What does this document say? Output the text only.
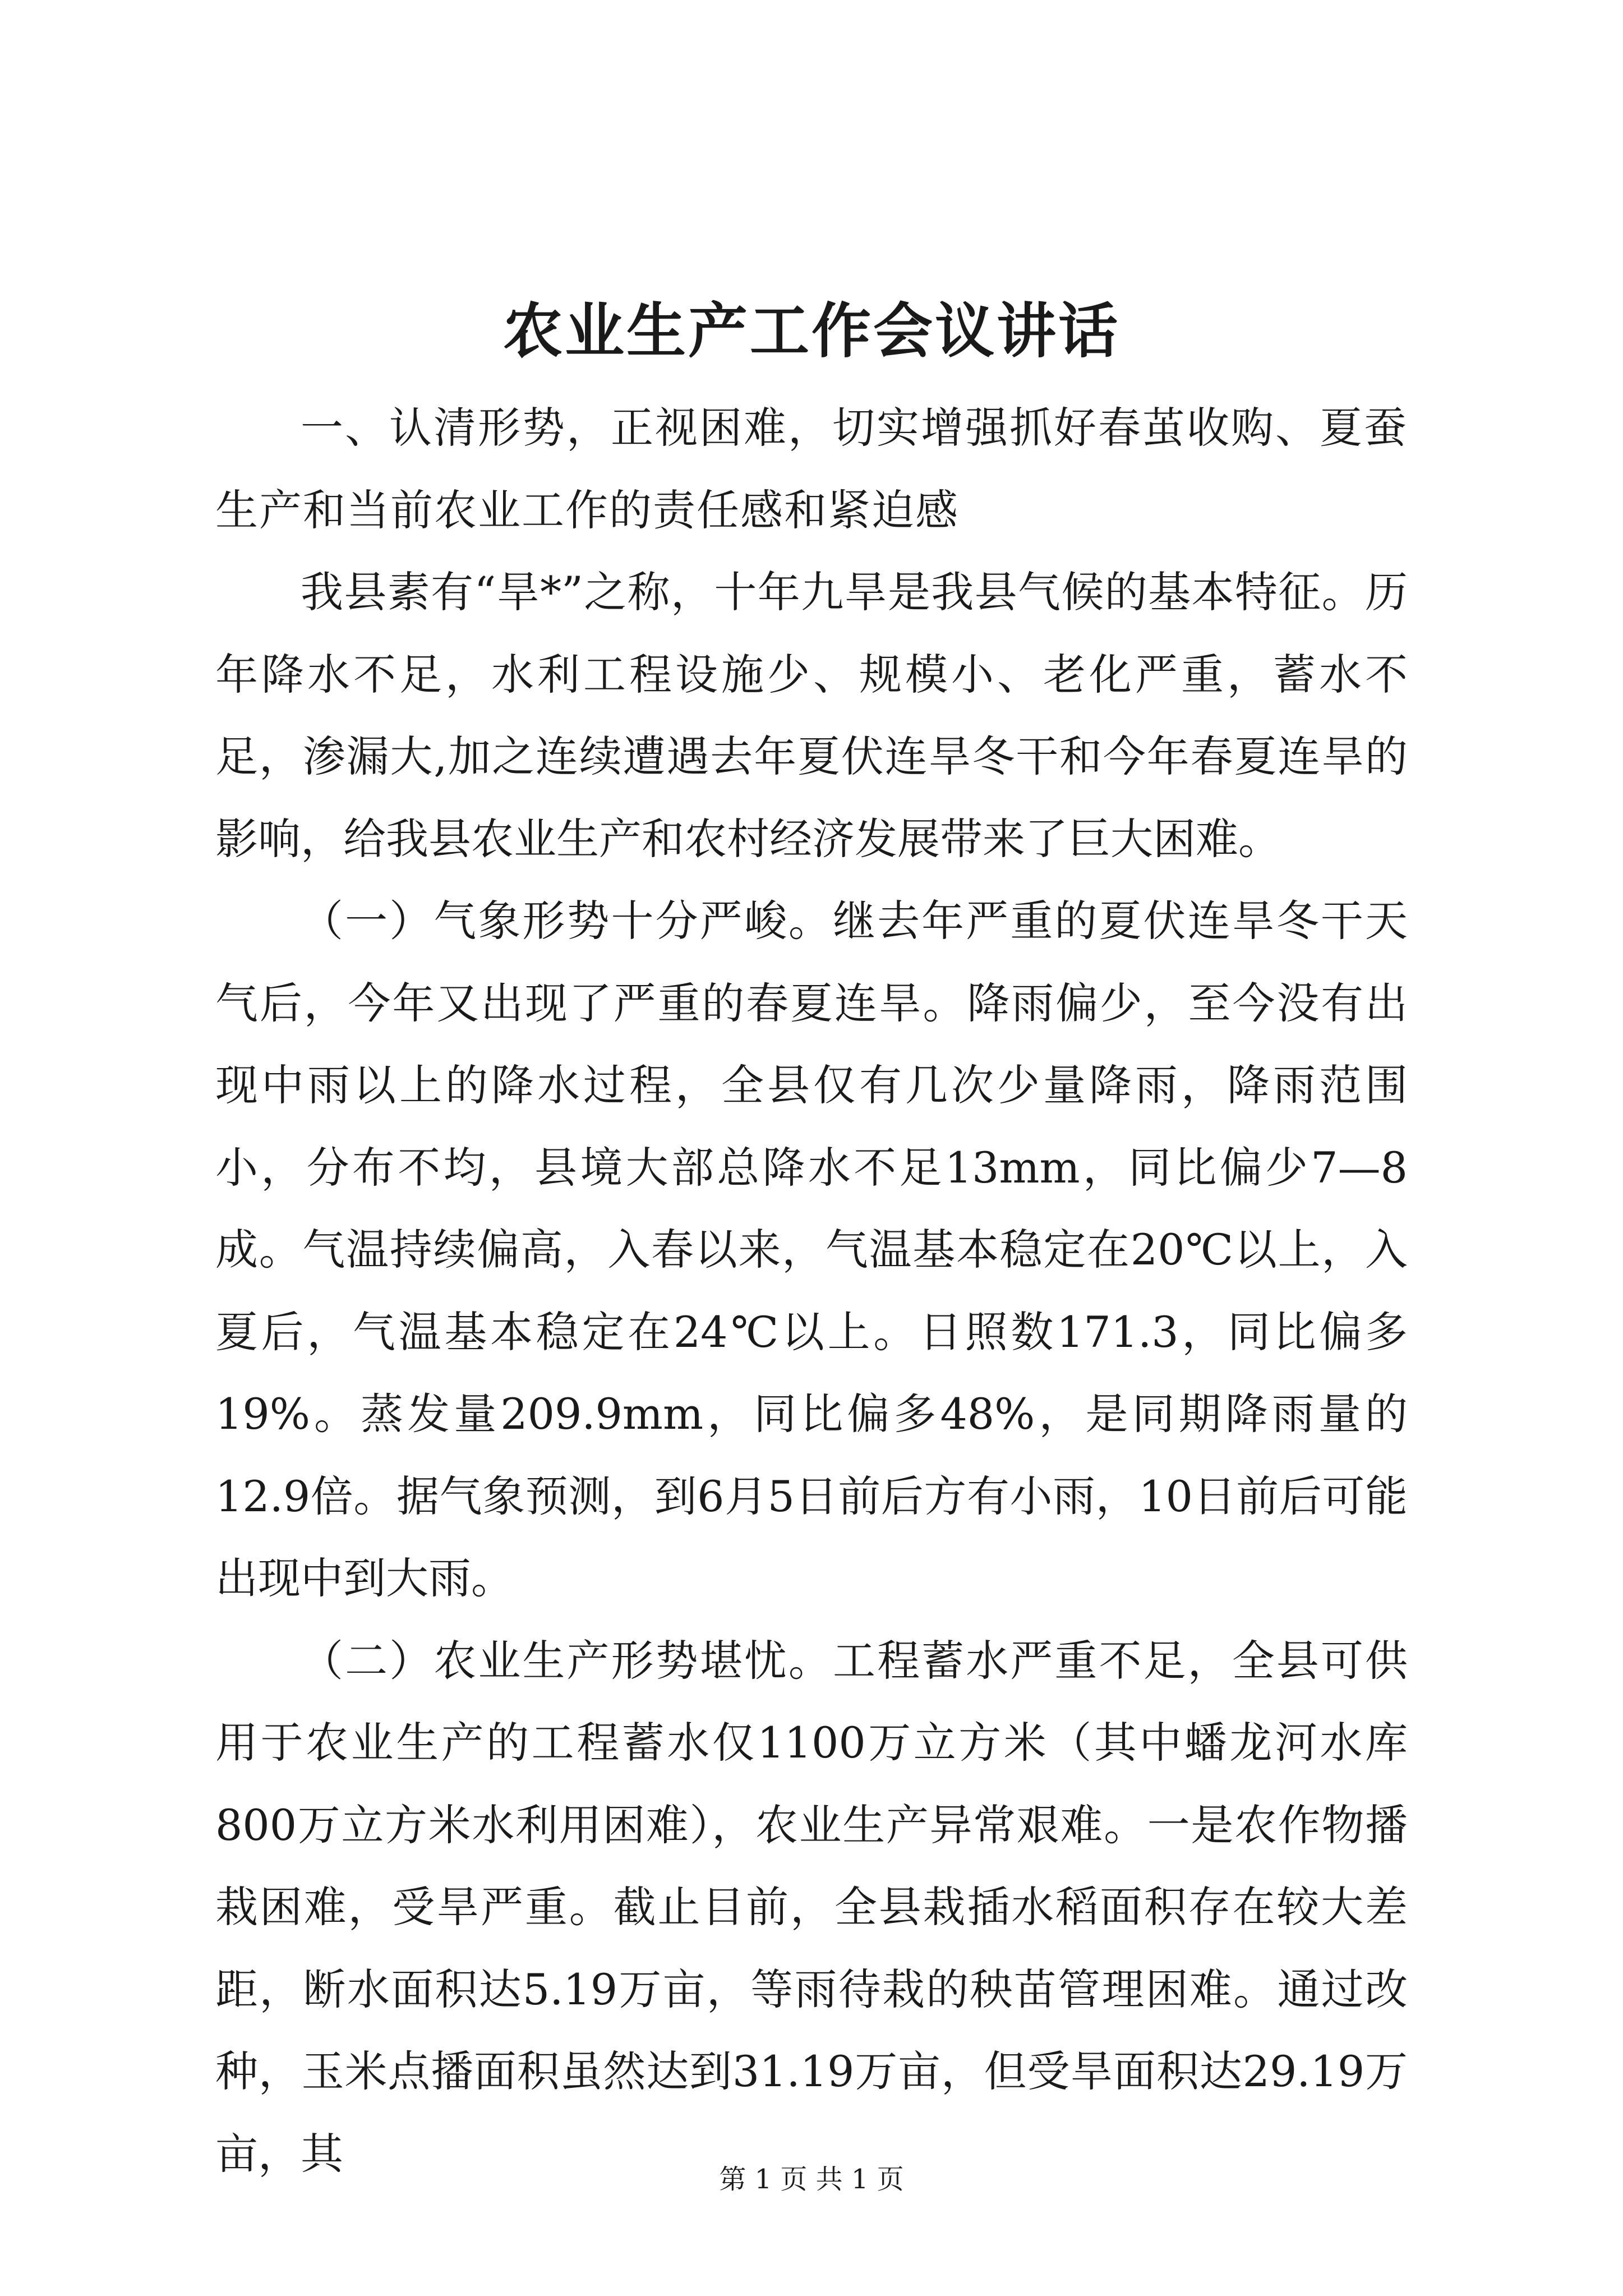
农业生产工作会议讲话

一、认清形势，正视困难，切实增强抓好春茧收购、夏蚕生产和当前农业工作的责任感和紧迫感

我县素有“旱*”之称，十年九旱是我县气候的基本特征。历年降水不足，水利工程设施少、规模小、老化严重，蓄水不足，渗漏大,加之连续遭遇去年夏伏连旱冬干和今年春夏连旱的影响，给我县农业生产和农村经济发展带来了巨大困难。

（一）气象形势十分严峻。继去年严重的夏伏连旱冬干天气后，今年又出现了严重的春夏连旱。降雨偏少，至今没有出现中雨以上的降水过程，全县仅有几次少量降雨，降雨范围小，分布不均，县境大部总降水不足13mm，同比偏少7—8成。气温持续偏高，入春以来，气温基本稳定在20℃以上，入夏后，气温基本稳定在24℃以上。日照数171.3，同比偏多19%。蒸发量209.9mm，同比偏多48%，是同期降雨量的12.9倍。据气象预测，到6月5日前后方有小雨，10日前后可能出现中到大雨。

（二）农业生产形势堪忧。工程蓄水严重不足，全县可供用于农业生产的工程蓄水仅1100万立方米（其中蟠龙河水库800万立方米水利用困难），农业生产异常艰难。一是农作物播栽困难，受旱严重。截止目前，全县栽插水稻面积存在较大差距，断水面积达5.19万亩，等雨待栽的秧苗管理困难。通过改种，玉米点播面积虽然达到31.19万亩，但受旱面积达29.19万亩，其

第 1 页 共 1 页
